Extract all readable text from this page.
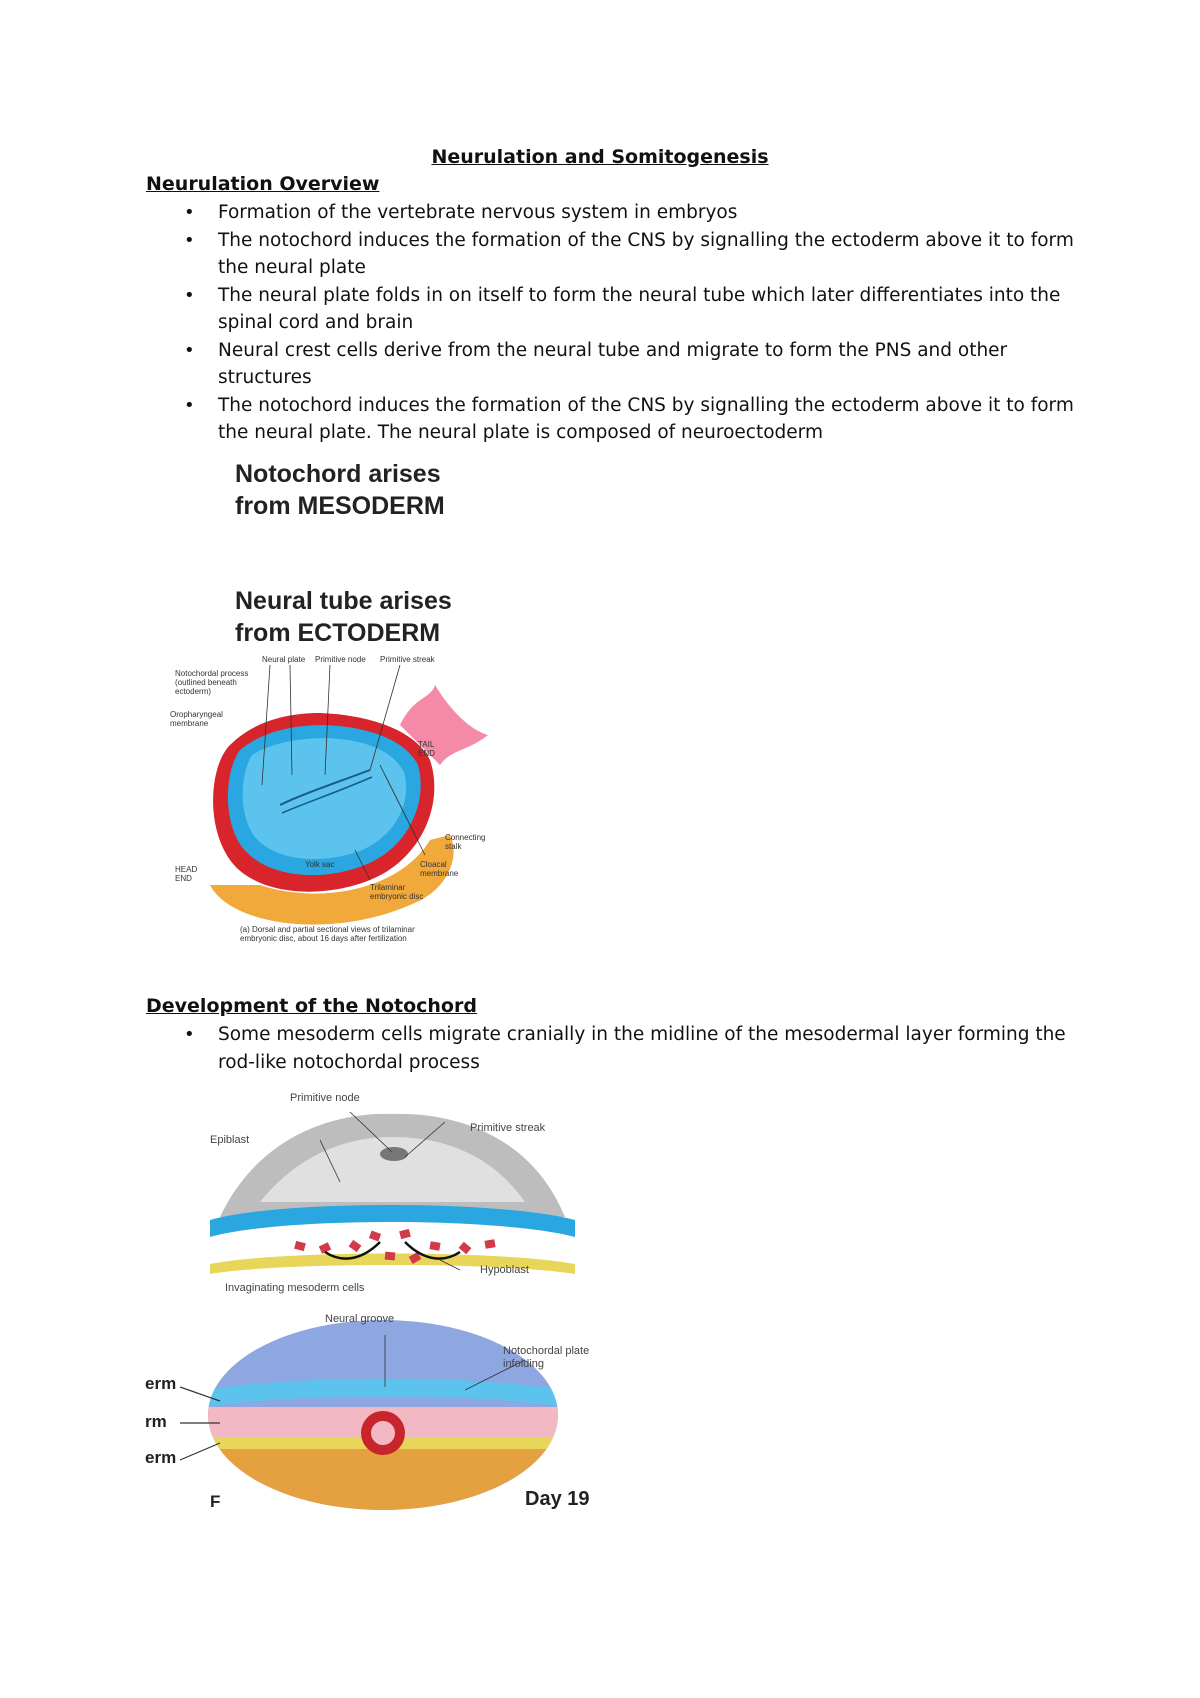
Neurulation and Somitogenesis
Neurulation Overview
• Formation of the vertebrate nervous system in embryos
• The notochord induces the formation of the CNS by signalling the ectoderm above it to form the neural plate
• The neural plate folds in on itself to form the neural tube which later differentiates into the spinal cord and brain
• Neural crest cells derive from the neural tube and migrate to form the PNS and other structures
• The notochord induces the formation of the CNS by signalling the ectoderm above it to form the neural plate. The neural plate is composed of neuroectoderm
Notochord arises
from MESODERM
Neural tube arises
from ECTODERM
Neural plate Primitive node Primitive streak
Notochordal process (outlined beneath ectoderm)
Oropharyngeal membrane
TAIL END
Connecting stalk
Cloacal membrane
HEAD END
Yolk sac
Trilaminar embryonic disc
(a) Dorsal and partial sectional views of trilaminar embryonic disc, about 16 days after fertilization
Development of the Notochord
• Some mesoderm cells migrate cranially in the midline of the mesodermal layer forming the rod-like notochordal process
Primitive node
Primitive streak
Epiblast
Hypoblast
Invaginating mesoderm cells
Neural groove
Notochordal plate infolding
erm
rm
erm
F	Day 19
